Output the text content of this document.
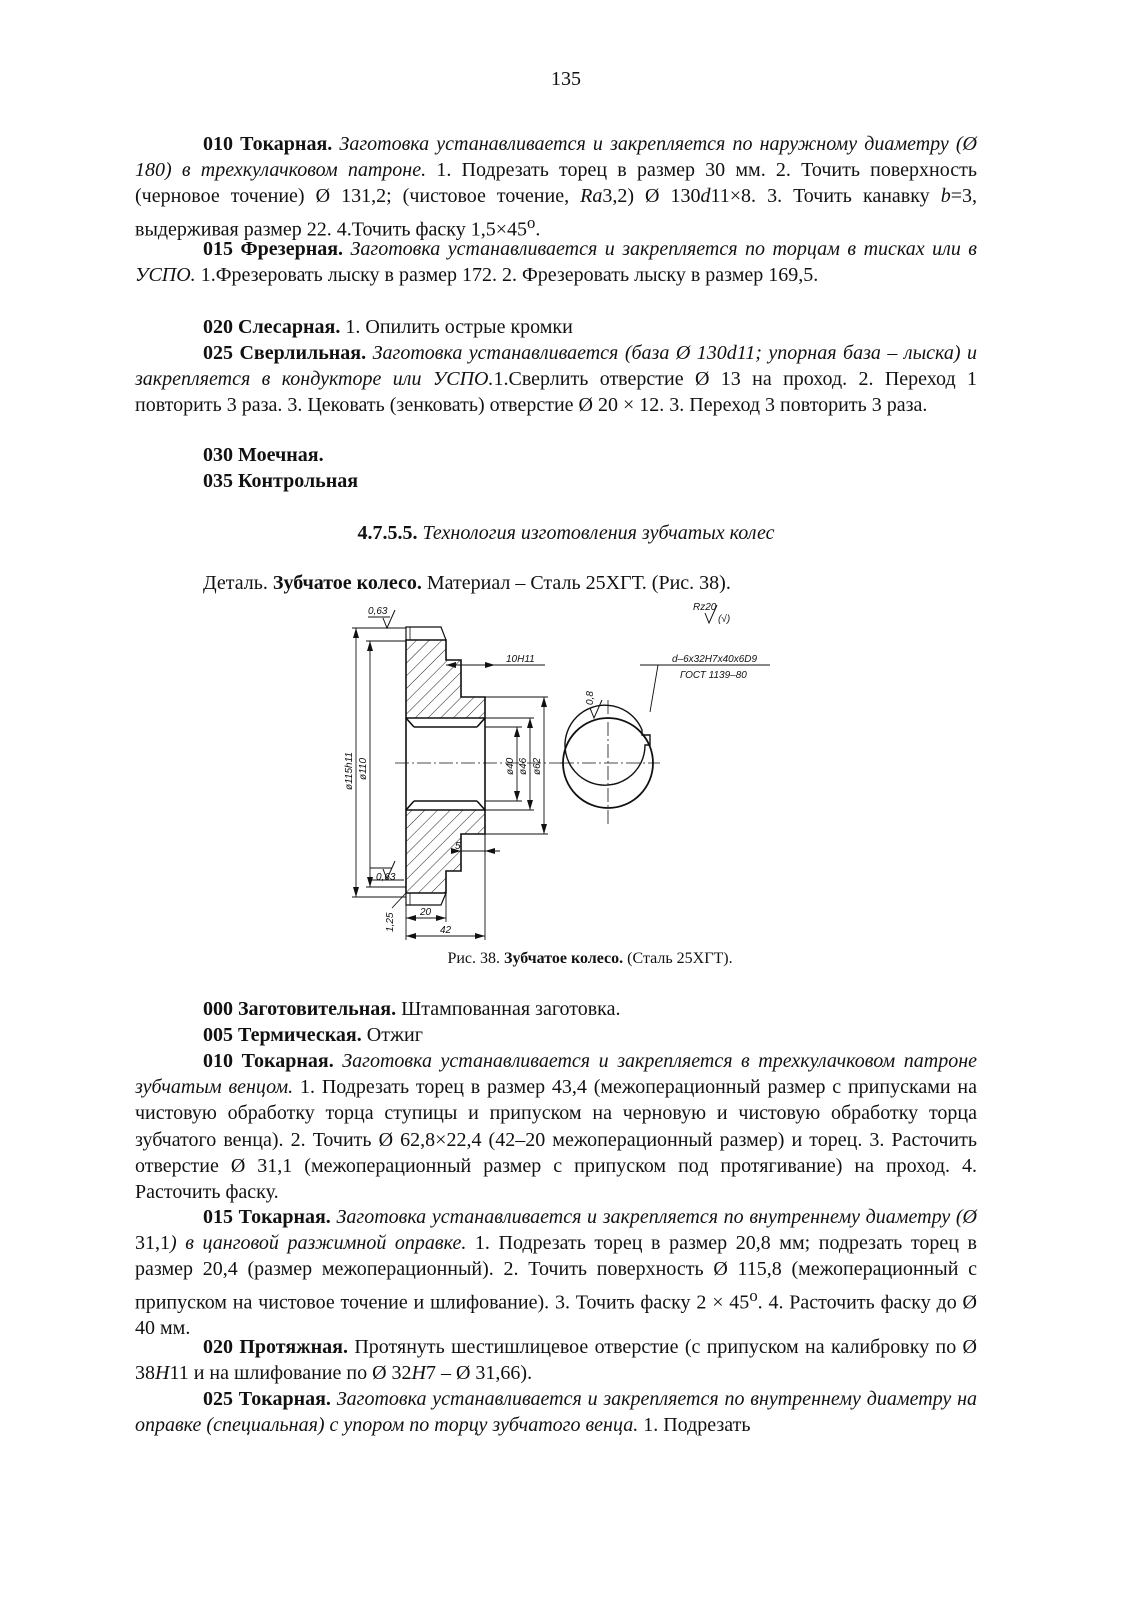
135

010 Токарная. Заготовка устанавливается и закрепляется по наружному диаметру (Ø 180) в трехкулачковом патроне. 1. Подрезать торец в размер 30 мм. 2. Точить поверхность (черновое точение) Ø 131,2; (чистовое точение, Ra3,2) Ø 130d11×8. 3. Точить канавку b=3, выдерживая размер 22. 4.Точить фаску $1,5\times 45^o$.

015 Фрезерная. Заготовка устанавливается и закрепляется по торцам в тисках или в УСПО. 1.Фрезеровать лыску в размер 172. 2. Фрезеровать лыску в размер 169,5.

020 Слесарная. 1. Опилить острые кромки

025 Сверлильная. Заготовка устанавливается (база Ø 130d11; упорная база – лыска) и закрепляется в кондукторе или УСПО.1.Сверлить отверстие Ø 13 на проход. 2. Переход 1 повторить 3 раза. 3. Цековать (зенковать) отверстие Ø 20 × 12. 3. Переход 3 повторить 3 раза.

030 Моечная.

035 Контрольная

4.7.5.5. Технология изготовления зубчатых колес
Деталь. Зубчатое колесо. Материал – Сталь 25ХГТ. (Рис. 38).
0,63
0,63
Rz20
(√)
10H11	d–6x32H7x40x6D9
ГОСТ 1139–80
ø115h11 ø110	ø40 ø46 ø62
5
20
42
1,25
0,8
Рис. 38. Зубчатое колесо. (Сталь 25ХГТ).

000 Заготовительная. Штампованная заготовка.

005 Термическая. Отжиг

010 Токарная. Заготовка устанавливается и закрепляется в трехкулачковом патроне зубчатым венцом. 1. Подрезать торец в размер 43,4 (межоперационный размер с припусками на чистовую обработку торца ступицы и припуском на черновую и чистовую обработку торца зубчатого венца). 2. Точить Ø 62,8×22,4 (42–20 межоперационный размер) и торец. 3. Расточить отверстие Ø 31,1 (межоперационный размер с припуском под протягивание) на проход. 4. Расточить фаску.

015 Токарная. Заготовка устанавливается и закрепляется по внутреннему диаметру (Ø 31,1) в цанговой разжимной оправке. 1. Подрезать торец в размер 20,8 мм; подрезать торец в размер 20,4 (размер межоперационный). 2. Точить поверхность Ø 115,8 (межоперационный с припуском на чистовое точение и шлифование). 3. Точить фаску $2 \times 45^o$. 4. Расточить фаску до Ø 40 мм.

020 Протяжная. Протянуть шестишлицевое отверстие (с припуском на калибровку по Ø 38H11 и на шлифование по Ø 32H7 – Ø 31,66).

025 Токарная. Заготовка устанавливается и закрепляется по внутреннему диаметру на оправке (специальная) с упором по торцу зубчатого венца. 1. Подрезать
